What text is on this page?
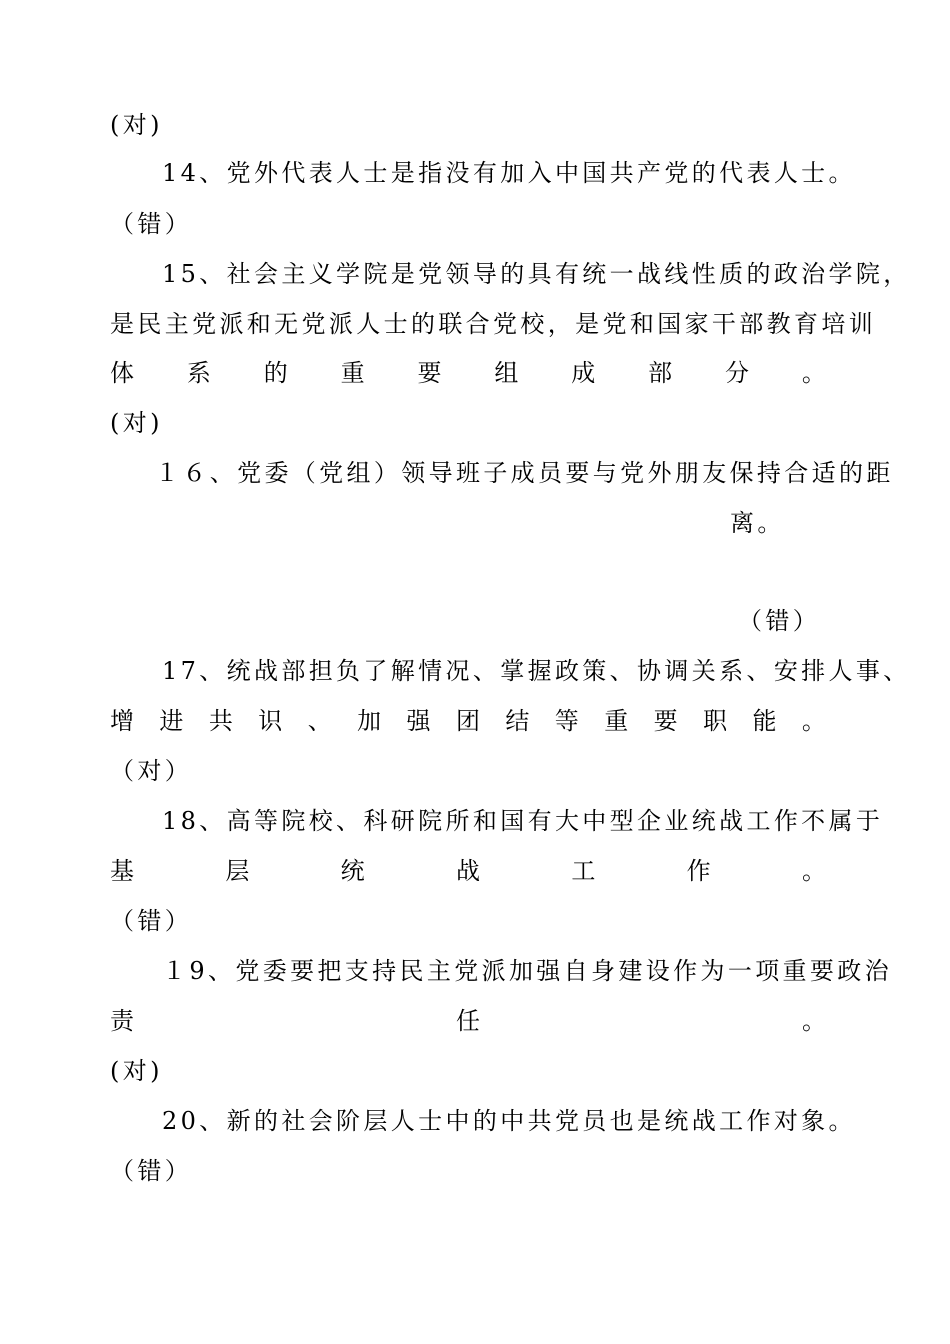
(对)
14、党外代表人士是指没有加入中国共产党的代表人士。
（错）
15、社会主义学院是党领导的具有统一战线性质的政治学院，
是民主党派和无党派人士的联合党校，是党和国家干部教育培训
体 系 的 重 要 组 成 部 分 。
(对)
１６、党委（党组）领导班子成员要与党外朋友保持合适的距
离。
（错）
17、统战部担负了解情况、掌握政策、协调关系、安排人事、
增 进 共 识 、 加 强 团 结 等 重 要 职 能 。
（对）
18、高等院校、科研院所和国有大中型企业统战工作不属于
基	层	统	战	工	作	。
（错）
１9、党委要把支持民主党派加强自身建设作为一项重要政治
责	任	。
(对)
20、新的社会阶层人士中的中共党员也是统战工作对象。
（错）
